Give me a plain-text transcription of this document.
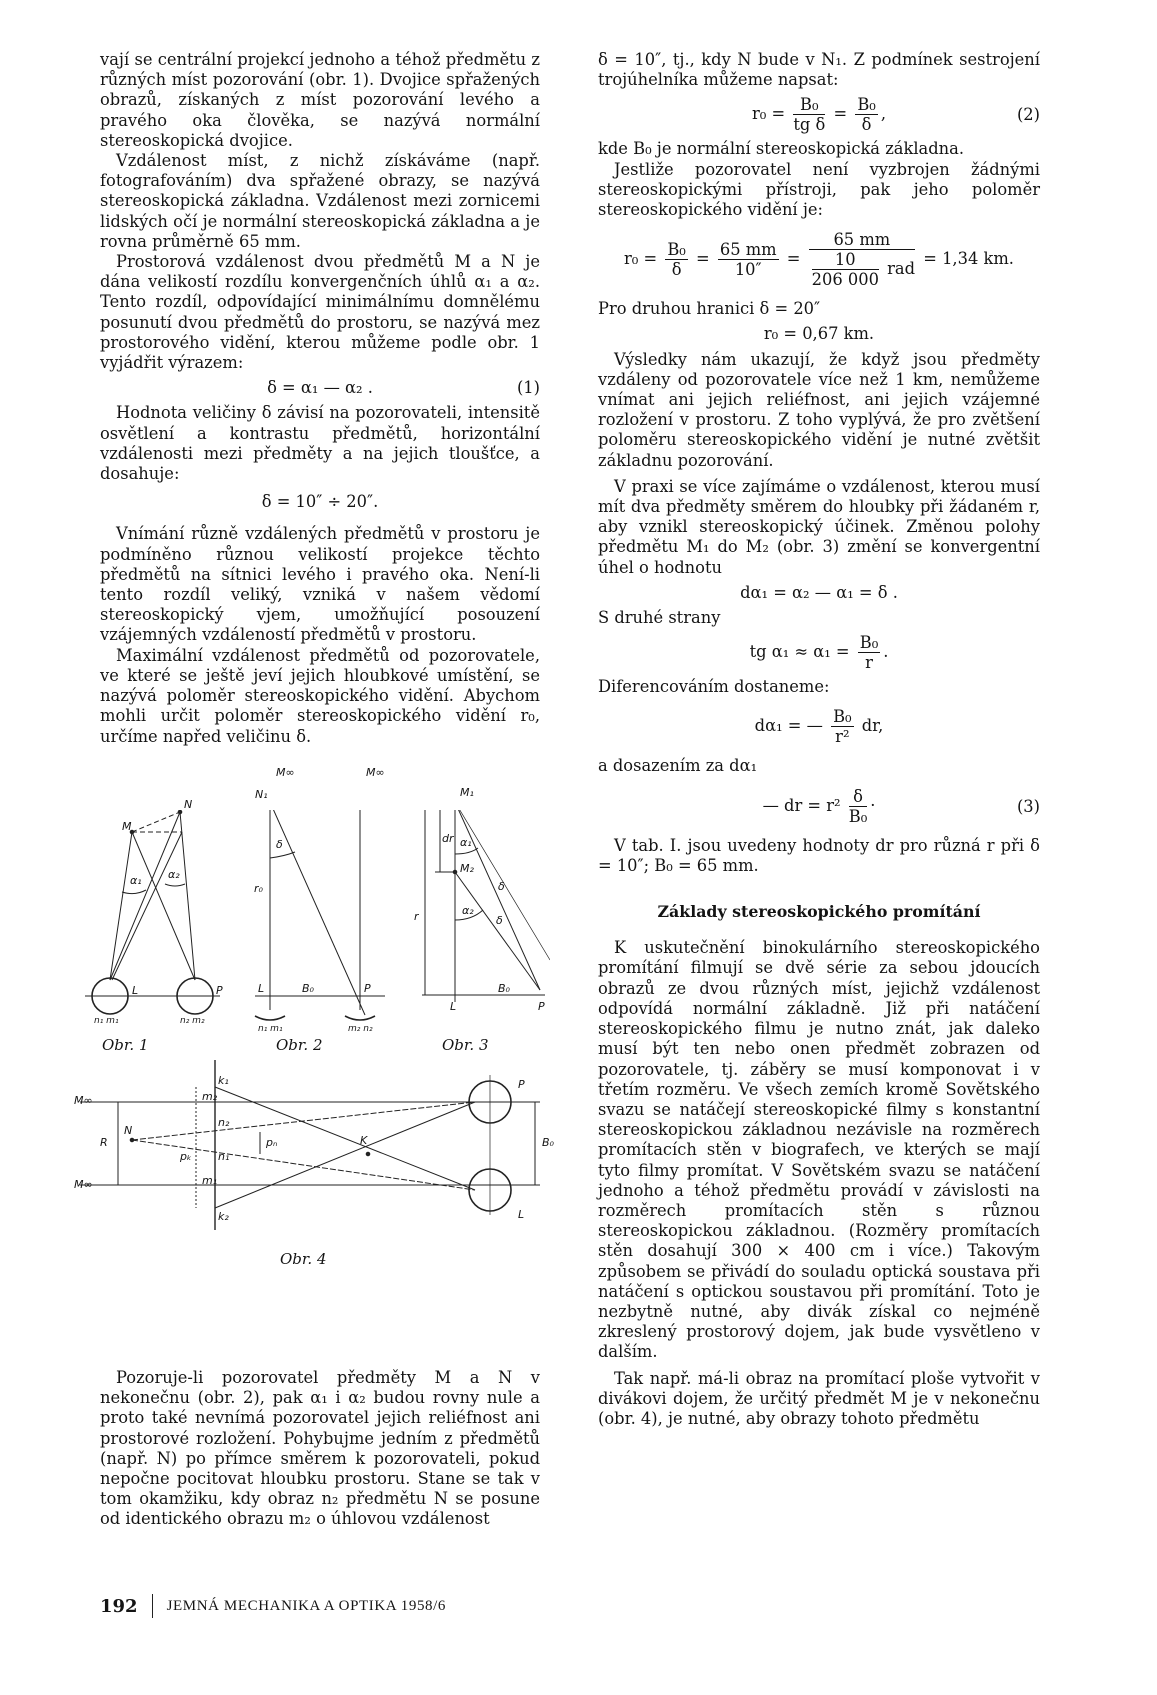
vají se centrální projekcí jednoho a téhož předmětu z různých míst pozorování (obr. 1). Dvojice spřažených obrazů, získaných z míst pozorování levého a pravého oka člověka, se nazývá normální stereoskopická dvojice.

Vzdálenost míst, z nichž získáváme (např. fotografováním) dva spřažené obrazy, se nazývá stereoskopická základna. Vzdálenost mezi zornicemi lidských očí je normální stereoskopická základna a je rovna průměrně 65 mm.

Prostorová vzdálenost dvou předmětů M a N je dána velikostí rozdílu konvergenčních úhlů α₁ a α₂. Tento rozdíl, odpovídající minimálnímu domnělému posunutí dvou předmětů do prostoru, se nazývá mez prostorového vidění, kterou můžeme podle obr. 1 vyjádřit výrazem:

δ = α₁ — α₂ .	(1)

Hodnota veličiny δ závisí na pozorovateli, intensitě osvětlení a kontrastu předmětů, horizontální vzdálenosti mezi předměty a na jejich tloušťce, a dosahuje:

δ = 10″ ÷ 20″.

Vnímání různě vzdálených předmětů v prostoru je podmíněno různou velikostí projekce těchto předmětů na sítnici levého i pravého oka. Není-li tento rozdíl veliký, vzniká v našem vědomí stereoskopický vjem, umožňující posouzení vzájemných vzdáleností předmětů v prostoru.

Maximální vzdálenost předmětů od pozorovatele, ve které se ještě jeví jejich hloubkové umístění, se nazývá poloměr stereoskopického vidění. Abychom mohli určit poloměr stereoskopického vidění r₀, určíme napřed veličinu δ.

M
N
α₁ α₂
L	P
n₁ m₁	n₂ m₂
M∞	M∞
N₁
δ
r₀
L	B₀	P
n₁ m₁	m₂ n₂
M₁
M₂
dr α₁
α₂
δ
δ
r
B₀
L	P
M∞
M∞
N
R
k₁
k₂
m₂
m₁
n₂
n₁
pₙ
pₖ
K
P
L
B₀
Obr. 1	Obr. 2	Obr. 3
Obr. 4

Pozoruje-li pozorovatel předměty M a N v nekonečnu (obr. 2), pak α₁ i α₂ budou rovny nule a proto také nevnímá pozorovatel jejich reliéfnost ani prostorové rozložení. Pohybujme jedním z předmětů (např. N) po přímce směrem k pozorovateli, pokud nepočne pocitovat hloubku prostoru. Stane se tak v tom okamžiku, kdy obraz n₂ předmětu N se posune od identického obrazu m₂ o úhlovou vzdálenost

δ = 10″, tj., kdy N bude v N₁. Z podmínek sestrojení trojúhelníka můžeme napsat:

$r_0 = \frac{\text{B₀}}{\text{tg δ}} = \frac{\text{B₀}}{\delta}$ ,	(2)

kde B₀ je normální stereoskopická základna.

Jestliže pozorovatel není vyzbrojen žádnými stereoskopickými přístroji, pak jeho poloměr stereoskopického vidění je:

$r_0 = \frac{\text{B₀}}{\delta} = \frac{65 mm}{10''} = \frac{65 mm}{\frac{10}{206 000} rad} = 1,34$ km.

Pro druhou hranici δ = 20″

r₀ = 0,67 km.

Výsledky nám ukazují, že když jsou předměty vzdáleny od pozorovatele více než 1 km, nemůžeme vnímat ani jejich reliéfnost, ani jejich vzájemné rozložení v prostoru. Z toho vyplývá, že pro zvětšení poloměru stereoskopického vidění je nutné zvětšit základnu pozorování.

V praxi se více zajímáme o vzdálenost, kterou musí mít dva předměty směrem do hloubky při žádaném r, aby vznikl stereoskopický účinek. Změnou polohy předmětu M₁ do M₂ (obr. 3) změní se konvergentní úhel o hodnotu

dα₁ = α₂ — α₁ = δ .

S druhé strany

tg $\alpha_1 \approx \alpha_1 = \frac{\text{B₀}}{r}$ .

Diferencováním dostaneme:

dα₁ = — $\frac{\text{B₀}}{\text{r²}}$ dr,

a dosazením za dα₁

— dr = $r^2 \frac{\delta}{\text{B₀}}$ ·	(3)

V tab. I. jsou uvedeny hodnoty dr pro různá r při δ = 10″; B₀ = 65 mm.

Základy stereoskopického promítání

K uskutečnění binokulárního stereoskopického promítání filmují se dvě série za sebou jdoucích obrazů ze dvou různých míst, jejichž vzdálenost odpovídá normální základně. Již při natáčení stereoskopického filmu je nutno znát, jak daleko musí být ten nebo onen předmět zobrazen od pozorovatele, tj. záběry se musí komponovat i v třetím rozměru. Ve všech zemích kromě Sovětského svazu se natáčejí stereoskopické filmy s konstantní stereoskopickou základnou nezávisle na rozměrech promítacích stěn v biografech, ve kterých se mají tyto filmy promítat. V Sovětském svazu se natáčení jednoho a téhož předmětu provádí v závislosti na rozměrech promítacích stěn s různou stereoskopickou základnou. (Rozměry promítacích stěn dosahují 300 × 400 cm i více.) Takovým způsobem se přivádí do souladu optická soustava při natáčení s optickou soustavou při promítání. Toto je nezbytně nutné, aby divák získal co nejméně zkreslený prostorový dojem, jak bude vysvětleno v dalším.

Tak např. má-li obraz na promítací ploše vytvořit v divákovi dojem, že určitý předmět M je v nekonečnu (obr. 4), je nutné, aby obrazy tohoto předmětu

192 JEMNÁ MECHANIKA A OPTIKA 1958/6
